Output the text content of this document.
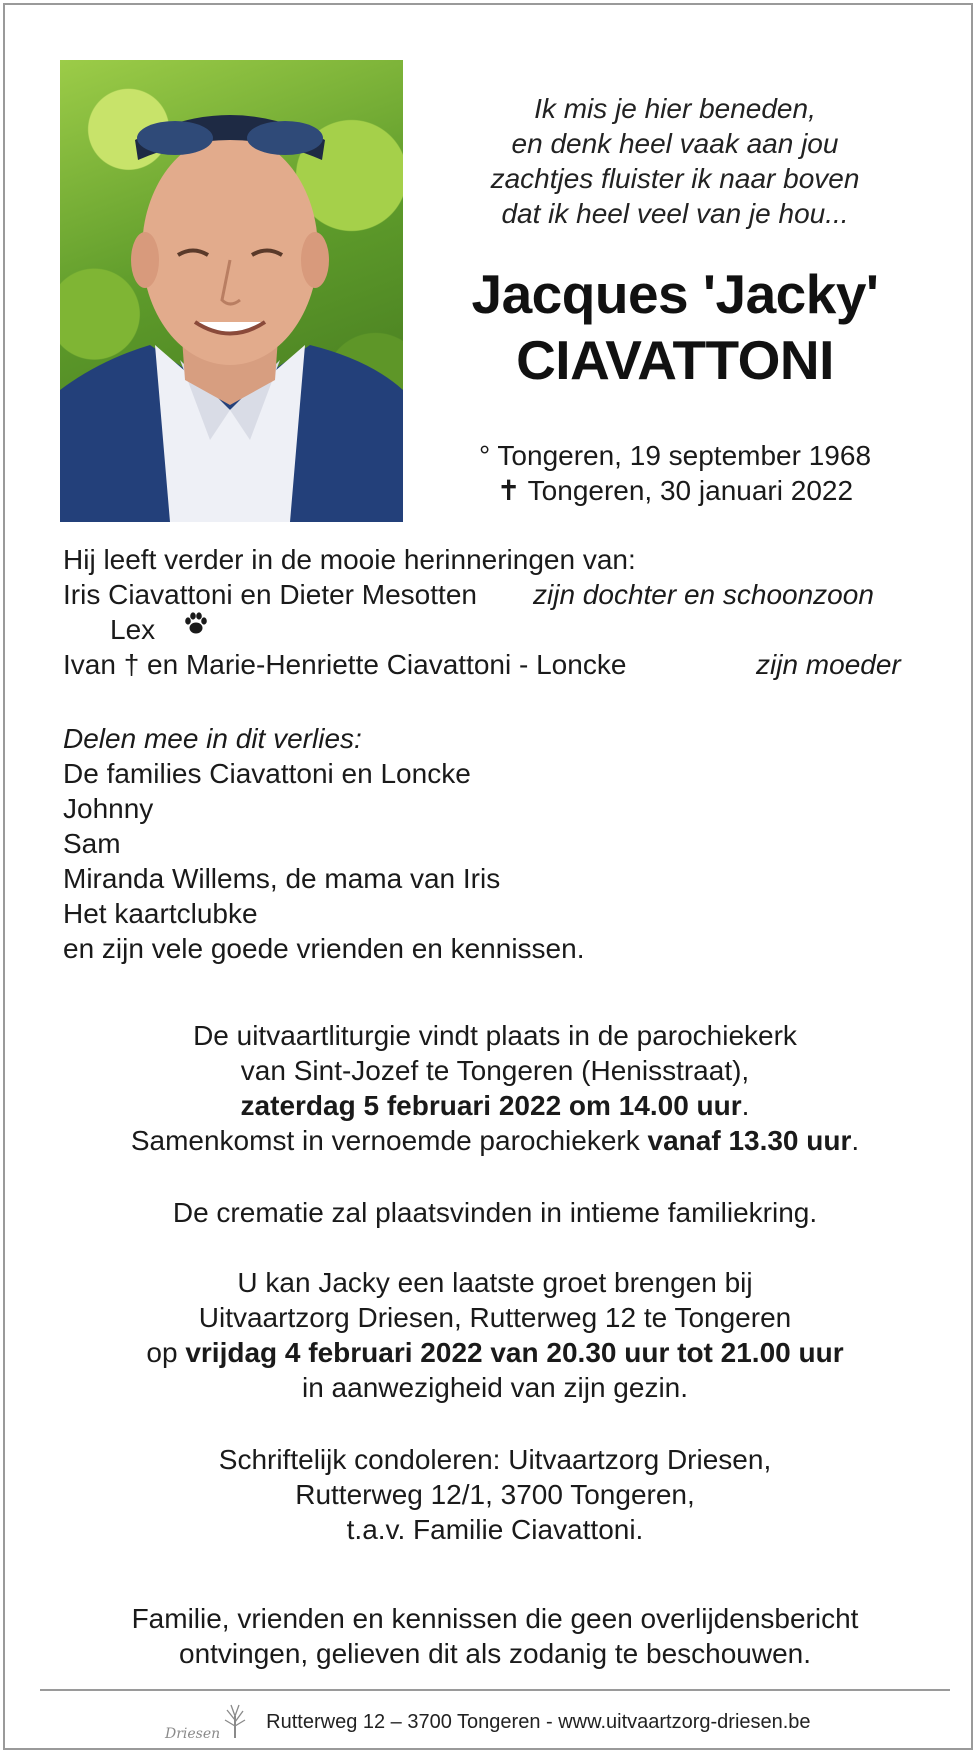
Ik mis je hier beneden,
en denk heel vaak aan jou
zachtjes fluister ik naar boven
dat ik heel veel van je hou...
Jacques 'Jacky'
CIAVATTONI
° Tongeren, 19 september 1968
✝ Tongeren, 30 januari 2022
Hij leeft verder in de mooie herinneringen van:
Iris Ciavattoni en Dieter Mesotten zijn dochter en schoonzoon
Lex
Ivan † en Marie-Henriette Ciavattoni - Loncke	zijn moeder
Delen mee in dit verlies:
De families Ciavattoni en Loncke
Johnny
Sam
Miranda Willems, de mama van Iris
Het kaartclubke
en zijn vele goede vrienden en kennissen.
De uitvaartliturgie vindt plaats in de parochiekerk
van Sint-Jozef te Tongeren (Henisstraat),
zaterdag 5 februari 2022 om 14.00 uur.
Samenkomst in vernoemde parochiekerk vanaf 13.30 uur.
De crematie zal plaatsvinden in intieme familiekring.
U kan Jacky een laatste groet brengen bij
Uitvaartzorg Driesen, Rutterweg 12 te Tongeren
op vrijdag 4 februari 2022 van 20.30 uur tot 21.00 uur
in aanwezigheid van zijn gezin.
Schriftelijk condoleren: Uitvaartzorg Driesen,
Rutterweg 12/1, 3700 Tongeren,
t.a.v. Familie Ciavattoni.
Familie, vrienden en kennissen die geen overlijdensbericht
ontvingen, gelieven dit als zodanig te beschouwen.
Driesen
Rutterweg 12 – 3700 Tongeren - www.uitvaartzorg-driesen.be
